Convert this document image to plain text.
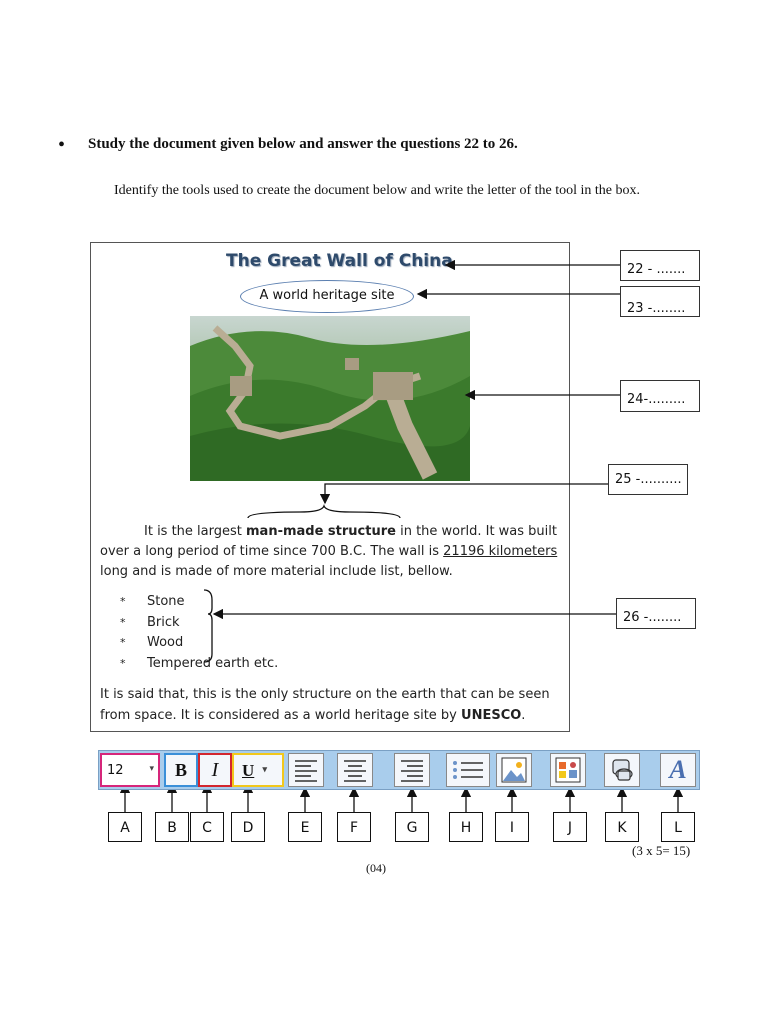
• Study the document given below and answer the questions 22 to 26.
Identify the tools used to create the document below and write the letter of the tool in the box.
The Great Wall of China
A world heritage site
It is the largest man-made structure in the world. It was built over a long period of time since 700 B.C. The wall is 21196 kilometers long and is made of more material include list, bellow.
* Stone
* Brick
* Wood
* Tempered earth etc.
It is said that, this is the only structure on the earth that can be seen from space. It is considered as a world heritage site by UNESCO.
22 - .......
23 -........
24-.........
25 -..........
26 -........
12	▾	B	I	U ▾	A
A	B	C	D	E	F	G	H	I	J	K	L
(3 x 5= 15)
(04)
